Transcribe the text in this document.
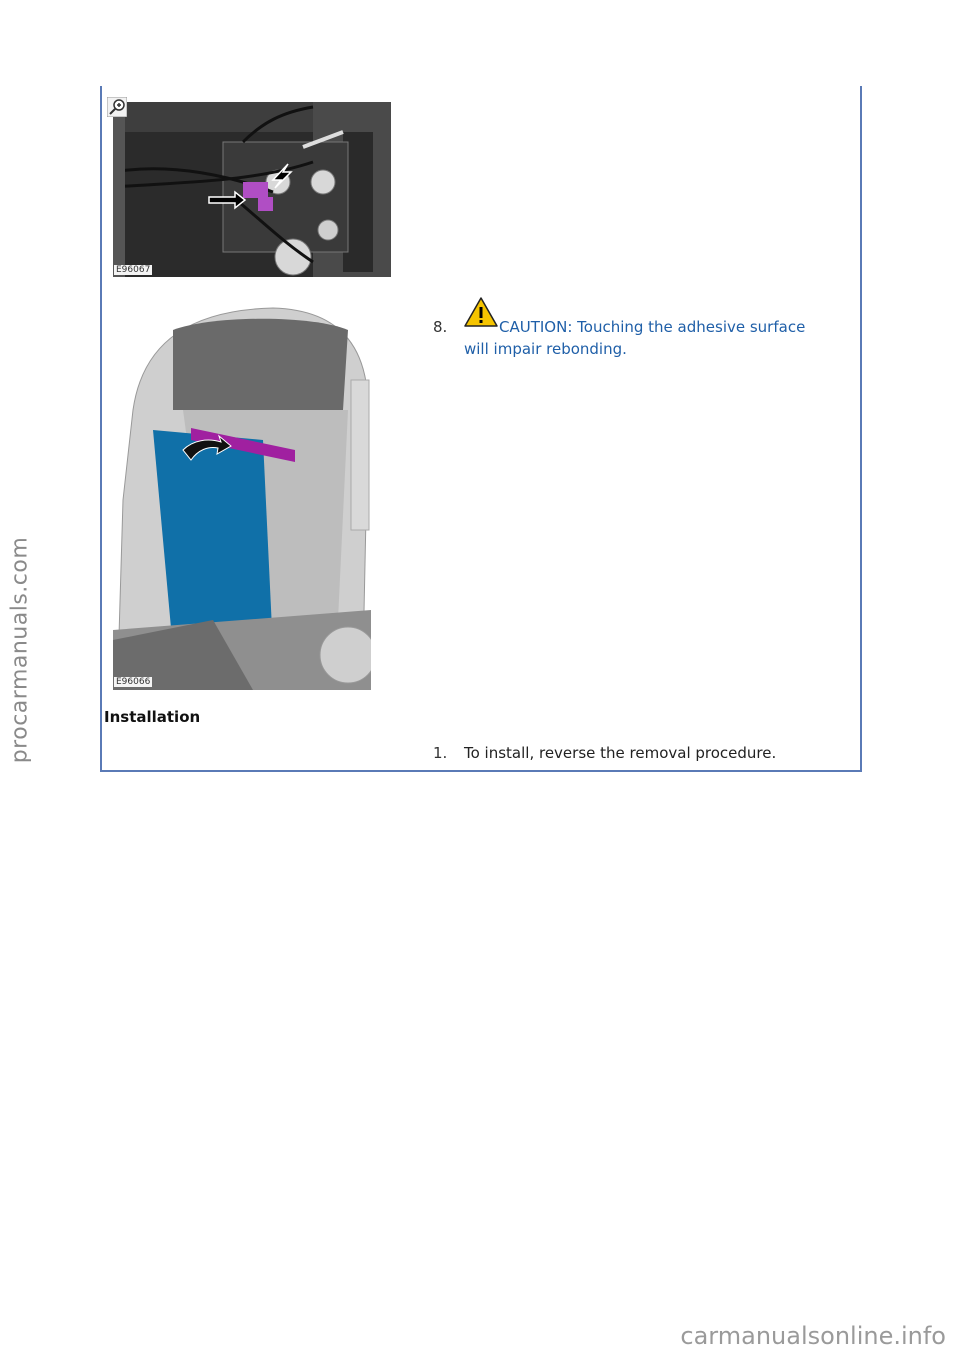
procarmanuals.com
E96067
E96066
8.	CAUTION: Touching the adhesive surface
will impair rebonding.
Installation
1. To install, reverse the removal procedure.
carmanualsonline.info
